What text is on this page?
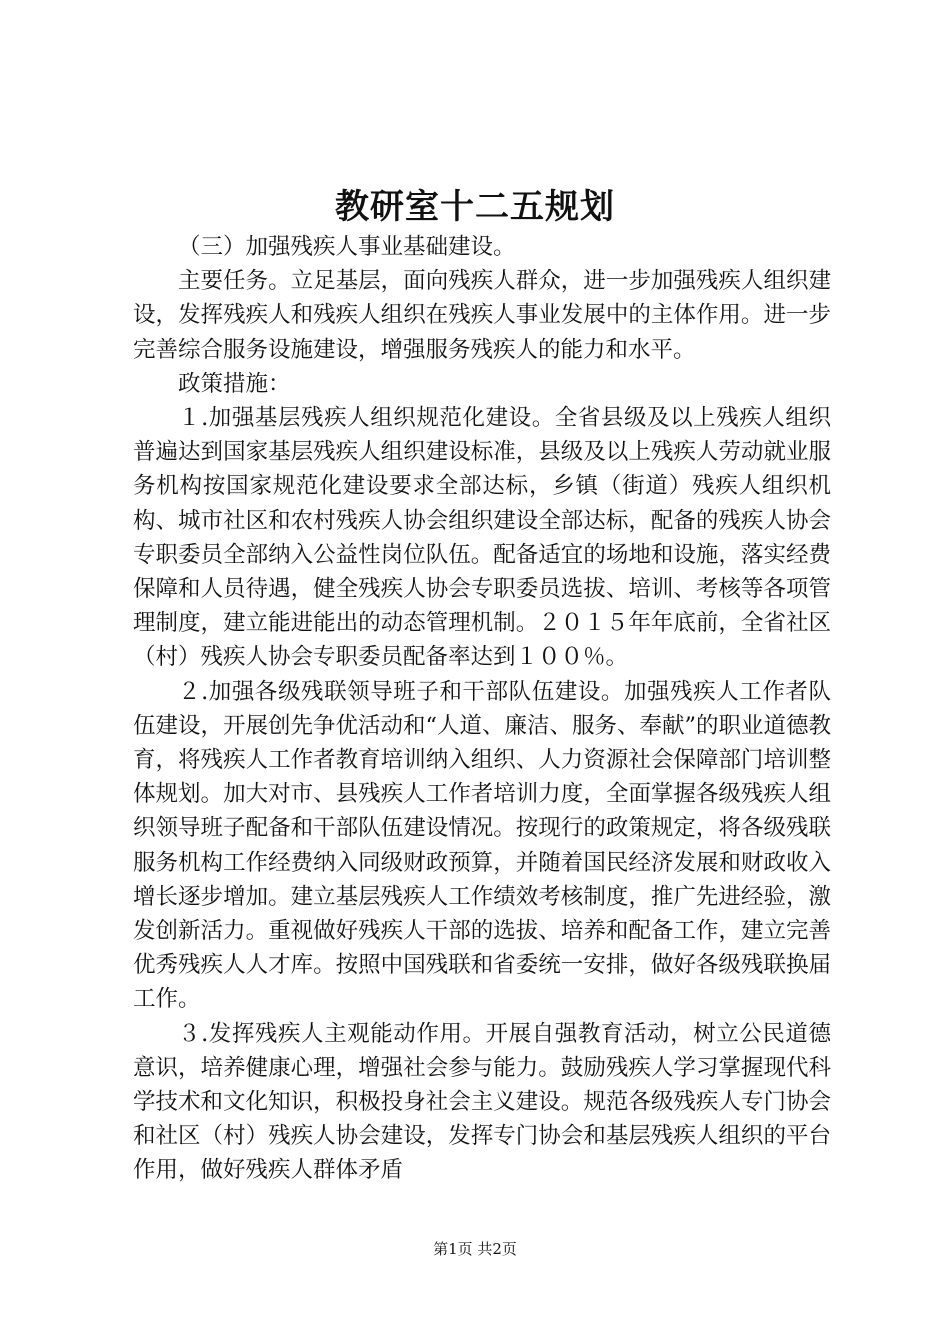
教研室十二五规划

（三）加强残疾人事业基础建设。

主要任务。立足基层，面向残疾人群众，进一步加强残疾人组织建设，发挥残疾人和残疾人组织在残疾人事业发展中的主体作用。进一步完善综合服务设施建设，增强服务残疾人的能力和水平。

政策措施：

１.加强基层残疾人组织规范化建设。全省县级及以上残疾人组织普遍达到国家基层残疾人组织建设标准，县级及以上残疾人劳动就业服务机构按国家规范化建设要求全部达标，乡镇（街道）残疾人组织机构、城市社区和农村残疾人协会组织建设全部达标，配备的残疾人协会专职委员全部纳入公益性岗位队伍。配备适宜的场地和设施，落实经费保障和人员待遇，健全残疾人协会专职委员选拔、培训、考核等各项管理制度，建立能进能出的动态管理机制。２０１５年年底前，全省社区（村）残疾人协会专职委员配备率达到１００％。

２.加强各级残联领导班子和干部队伍建设。加强残疾人工作者队伍建设，开展创先争优活动和“人道、廉洁、服务、奉献”的职业道德教育，将残疾人工作者教育培训纳入组织、人力资源社会保障部门培训整体规划。加大对市、县残疾人工作者培训力度，全面掌握各级残疾人组织领导班子配备和干部队伍建设情况。按现行的政策规定，将各级残联服务机构工作经费纳入同级财政预算，并随着国民经济发展和财政收入增长逐步增加。建立基层残疾人工作绩效考核制度，推广先进经验，激发创新活力。重视做好残疾人干部的选拔、培养和配备工作，建立完善优秀残疾人人才库。按照中国残联和省委统一安排，做好各级残联换届工作。

３.发挥残疾人主观能动作用。开展自强教育活动，树立公民道德意识，培养健康心理，增强社会参与能力。鼓励残疾人学习掌握现代科学技术和文化知识，积极投身社会主义建设。规范各级残疾人专门协会和社区（村）残疾人协会建设，发挥专门协会和基层残疾人组织的平台作用，做好残疾人群体矛盾

第1页 共2页
